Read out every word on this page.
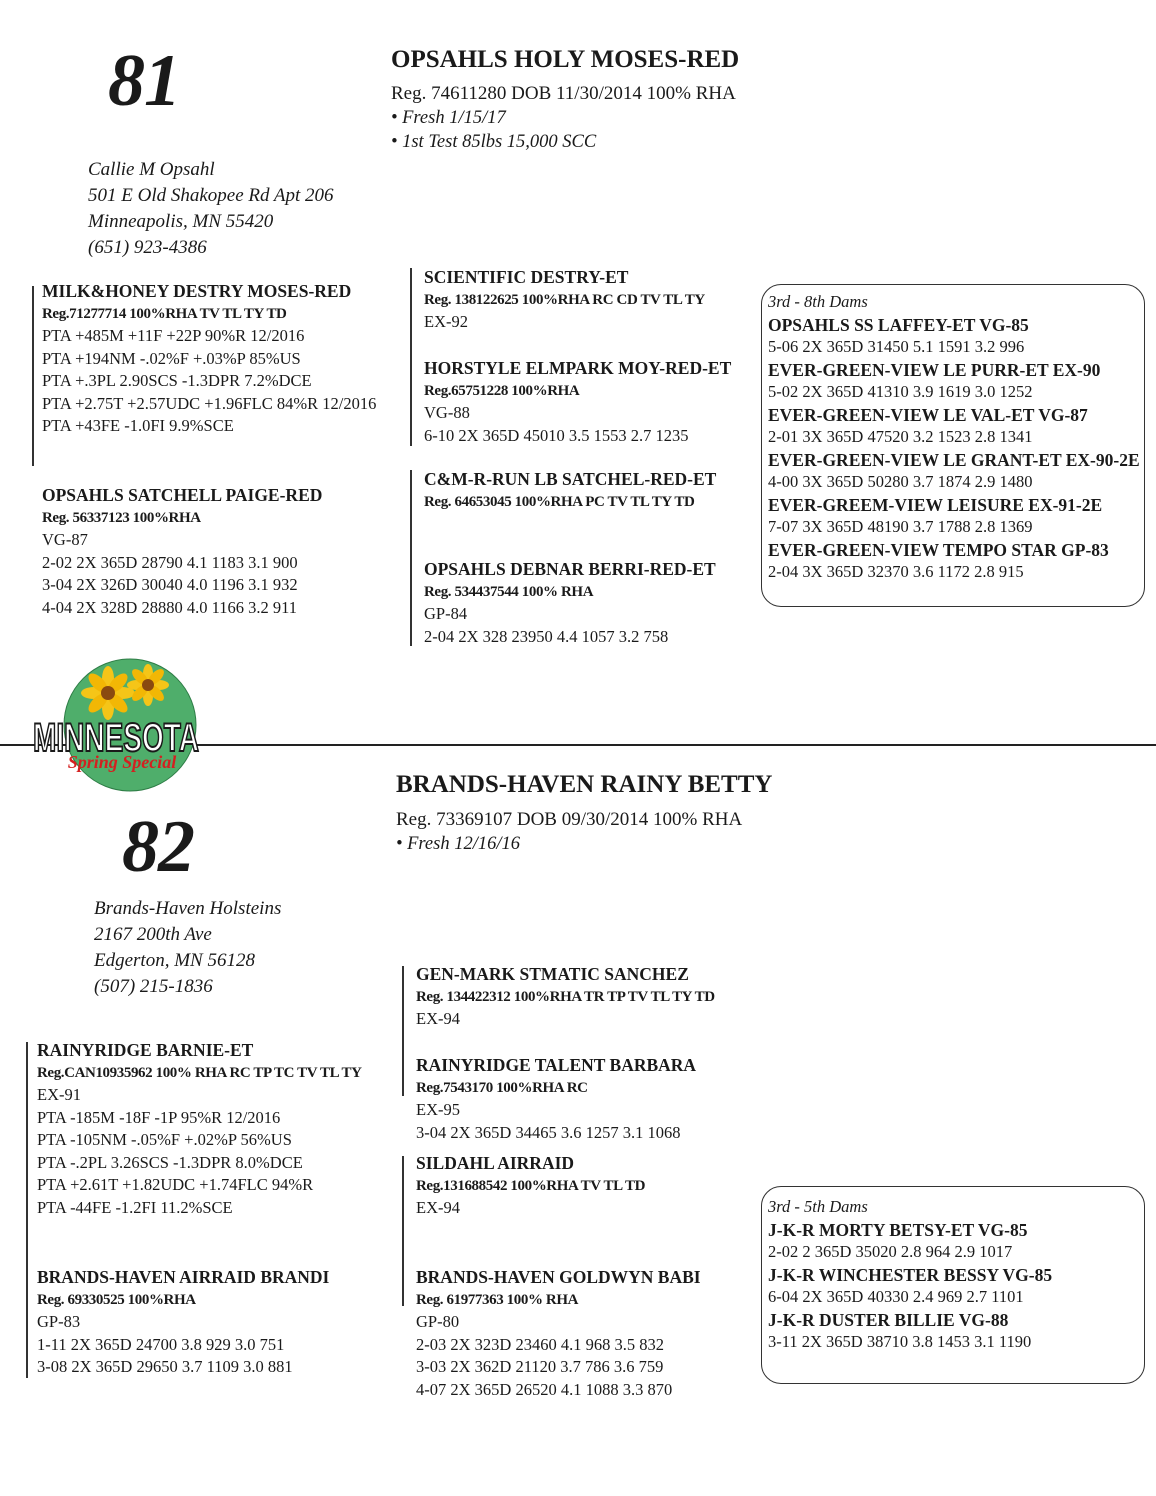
81	OPSAHLS HOLY MOSES-RED
Reg. 74611280 DOB 11/30/2014 100% RHA
• Fresh 1/15/17
• 1st Test 85lbs 15,000 SCC
Callie M Opsahl
501 E Old Shakopee Rd Apt 206
Minneapolis, MN 55420
(651) 923-4386
MILK&HONEY DESTRY MOSES-RED
Reg.71277714 100%RHA TV TL TY TD
PTA +485M +11F +22P 90%R 12/2016
PTA +194NM -.02%F +.03%P 85%US
PTA +.3PL 2.90SCS -1.3DPR 7.2%DCE
PTA +2.75T +2.57UDC +1.96FLC 84%R 12/2016
PTA +43FE -1.0FI 9.9%SCE
OPSAHLS SATCHELL PAIGE-RED
Reg. 56337123 100%RHA
VG-87
2-02 2X 365D 28790 4.1 1183 3.1 900
3-04 2X 326D 30040 4.0 1196 3.1 932
4-04 2X 328D 28880 4.0 1166 3.2 911
SCIENTIFIC DESTRY-ET
Reg. 138122625 100%RHA RC CD TV TL TY
EX-92
HORSTYLE ELMPARK MOY-RED-ET
Reg.65751228 100%RHA
VG-88
6-10 2X 365D 45010 3.5 1553 2.7 1235
C&M-R-RUN LB SATCHEL-RED-ET
Reg. 64653045 100%RHA PC TV TL TY TD
OPSAHLS DEBNAR BERRI-RED-ET
Reg. 534437544 100% RHA
GP-84
2-04 2X 328 23950 4.4 1057 3.2 758
3rd - 8th Dams
OPSAHLS SS LAFFEY-ET VG-85
5-06 2X 365D 31450 5.1 1591 3.2 996
EVER-GREEN-VIEW LE PURR-ET EX-90
5-02 2X 365D 41310 3.9 1619 3.0 1252
EVER-GREEN-VIEW LE VAL-ET VG-87
2-01 3X 365D 47520 3.2 1523 2.8 1341
EVER-GREEN-VIEW LE GRANT-ET EX-90-2E
4-00 3X 365D 50280 3.7 1874 2.9 1480
EVER-GREEM-VIEW LEISURE EX-91-2E
7-07 3X 365D 48190 3.7 1788 2.8 1369
EVER-GREEN-VIEW TEMPO STAR GP-83
2-04 3X 365D 32370 3.6 1172 2.8 915
MINNESOTA
Spring Special
82
BRANDS-HAVEN RAINY BETTY
Reg. 73369107 DOB 09/30/2014 100% RHA
• Fresh 12/16/16
Brands-Haven Holsteins
2167 200th Ave
Edgerton, MN 56128
(507) 215-1836
RAINYRIDGE BARNIE-ET
Reg.CAN10935962 100% RHA RC TP TC TV TL TY
EX-91
PTA -185M -18F -1P 95%R 12/2016
PTA -105NM -.05%F +.02%P 56%US
PTA -.2PL 3.26SCS -1.3DPR 8.0%DCE
PTA +2.61T +1.82UDC +1.74FLC 94%R
PTA -44FE -1.2FI 11.2%SCE
BRANDS-HAVEN AIRRAID BRANDI
Reg. 69330525 100%RHA
GP-83
1-11 2X 365D 24700 3.8 929 3.0 751
3-08 2X 365D 29650 3.7 1109 3.0 881
GEN-MARK STMATIC SANCHEZ
Reg. 134422312 100%RHA TR TP TV TL TY TD
EX-94
RAINYRIDGE TALENT BARBARA
Reg.7543170 100%RHA RC
EX-95
3-04 2X 365D 34465 3.6 1257 3.1 1068
SILDAHL AIRRAID
Reg.131688542 100%RHA TV TL TD
EX-94
BRANDS-HAVEN GOLDWYN BABI
Reg. 61977363 100% RHA
GP-80
2-03 2X 323D 23460 4.1 968 3.5 832
3-03 2X 362D 21120 3.7 786 3.6 759
4-07 2X 365D 26520 4.1 1088 3.3 870
3rd - 5th Dams
J-K-R MORTY BETSY-ET VG-85
2-02 2 365D 35020 2.8 964 2.9 1017
J-K-R WINCHESTER BESSY VG-85
6-04 2X 365D 40330 2.4 969 2.7 1101
J-K-R DUSTER BILLIE VG-88
3-11 2X 365D 38710 3.8 1453 3.1 1190
